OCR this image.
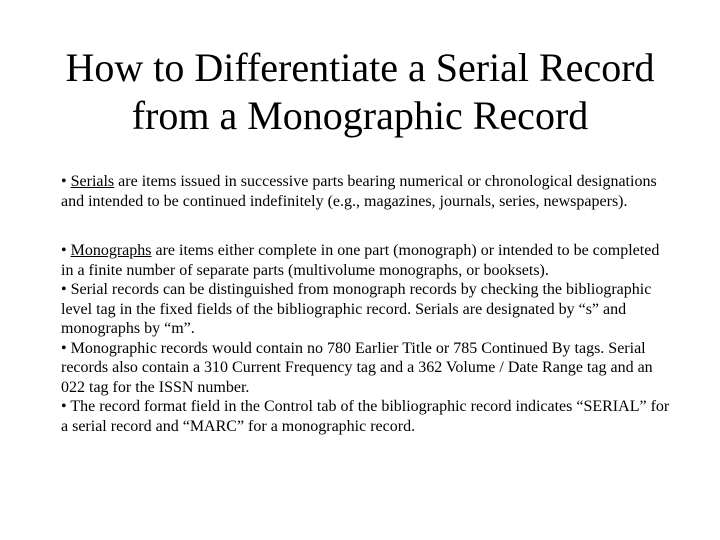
How to Differentiate a Serial Record
from a Monographic Record

• Serials are items issued in successive parts bearing numerical or chronological designations and intended to be continued indefinitely (e.g., magazines, journals, series, newspapers).

• Monographs are items either complete in one part (monograph) or intended to be completed in a finite number of separate parts (multivolume monographs, or booksets).
• Serial records can be distinguished from monograph records by checking the bibliographic level tag in the fixed fields of the bibliographic record. Serials are designated by “s” and monographs by “m”.
• Monographic records would contain no 780 Earlier Title or 785 Continued By tags. Serial records also contain a 310 Current Frequency tag and a 362 Volume / Date Range tag and an 022 tag for the ISSN number.
• The record format field in the Control tab of the bibliographic record indicates “SERIAL” for a serial record and “MARC” for a monographic record.
